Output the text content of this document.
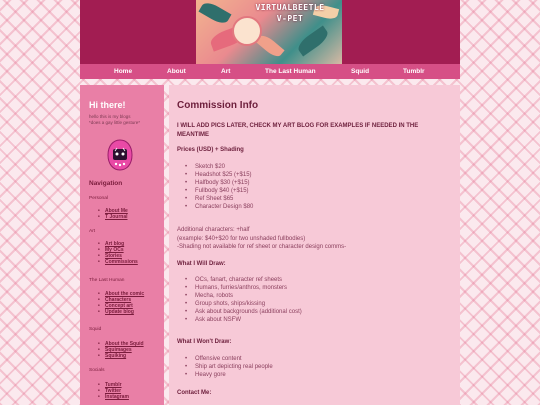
VIRTUALBEETLE
V-PET
Home	About	Art	The Last Human	Squid	Tumblr
Hi there!
hello this is my blogs
*does a gay little gesture*
Navigation
Personal
• About Me
• T Journal
Art
• Art blog
• My OCs
• Stories
• Commissions
The Last Human
• About the comic
• Characters
• Concept art
• Update blog
Squid
• About the Squid
• Squimages
• Squiking
Socials
• Tumblr
• Twitter
• Instagram
Commission Info
I WILL ADD PICS LATER, CHECK MY ART BLOG FOR EXAMPLES IF NEEDED IN THE
MEANTIME
Prices (USD) + Shading
• Sketch $20
• Headshot $25 (+$15)
• Halfbody $30 (+$15)
• Fullbody $40 (+$15)
• Ref Sheet $65
• Character Design $80
Additional characters: +half
(example: $40+$20 for two unshaded fullbodies)
-Shading not available for ref sheet or character design comms-
What I Will Draw:
• OCs, fanart, character ref sheets
• Humans, furries/anthros, monsters
• Mecha, robots
• Group shots, ships/kissing
• Ask about backgrounds (additional cost)
• Ask about NSFW
What I Won't Draw:
• Offensive content
• Ship art depicting real people
• Heavy gore
Contact Me:
